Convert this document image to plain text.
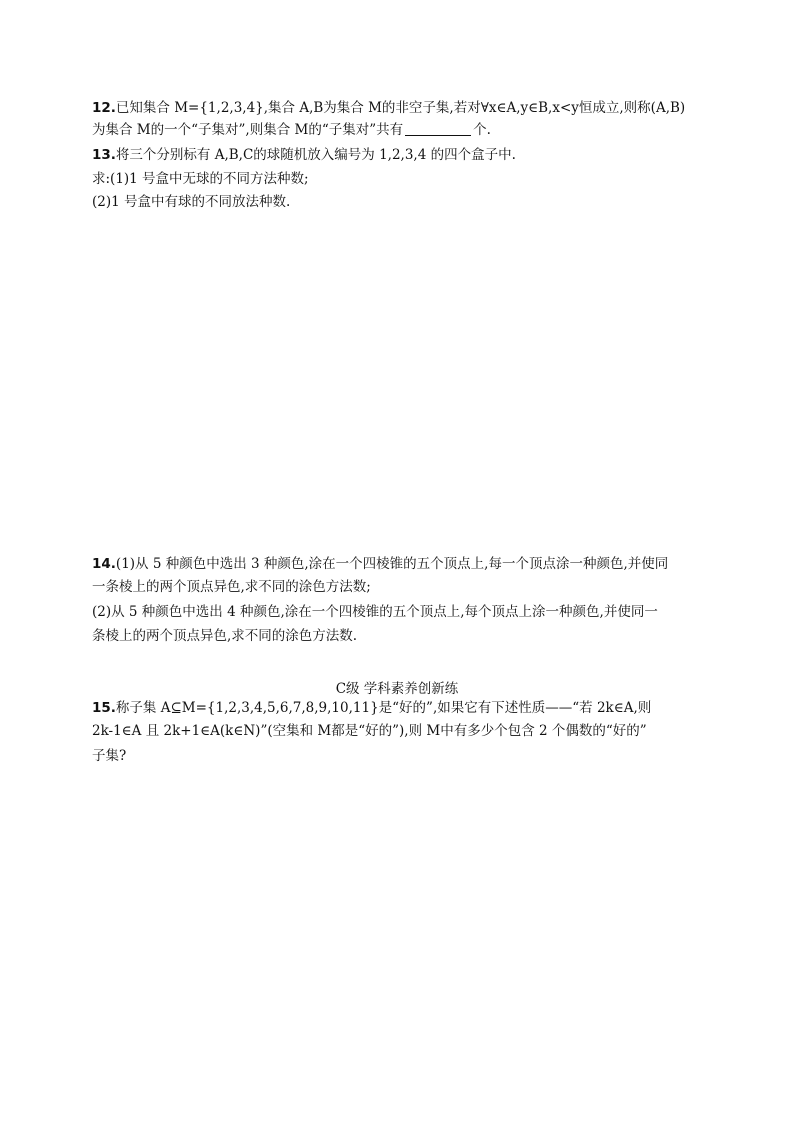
12.已知集合 M={1,2,3,4},集合 A,B为集合 M的非空子集,若对∀x∈A,y∈B,x<y恒成立,则称(A,B)
为集合 M的一个“子集对”,则集合 M的“子集对”共有	个.
13.将三个分别标有 A,B,C的球随机放入编号为 1,2,3,4 的四个盒子中.
求:(1)1 号盒中无球的不同方法种数;
(2)1 号盒中有球的不同放法种数.
14.(1)从 5 种颜色中选出 3 种颜色,涂在一个四棱锥的五个顶点上,每一个顶点涂一种颜色,并使同
一条棱上的两个顶点异色,求不同的涂色方法数;
(2)从 5 种颜色中选出 4 种颜色,涂在一个四棱锥的五个顶点上,每个顶点上涂一种颜色,并使同一
条棱上的两个顶点异色,求不同的涂色方法数.
C级 学科素养创新练
15.称子集 A⊆M={1,2,3,4,5,6,7,8,9,10,11}是“好的”,如果它有下述性质——“若 2k∈A,则
2k-1∈A 且 2k+1∈A(k∈N)”(空集和 M都是“好的”),则 M中有多少个包含 2 个偶数的“好的”
子集?
